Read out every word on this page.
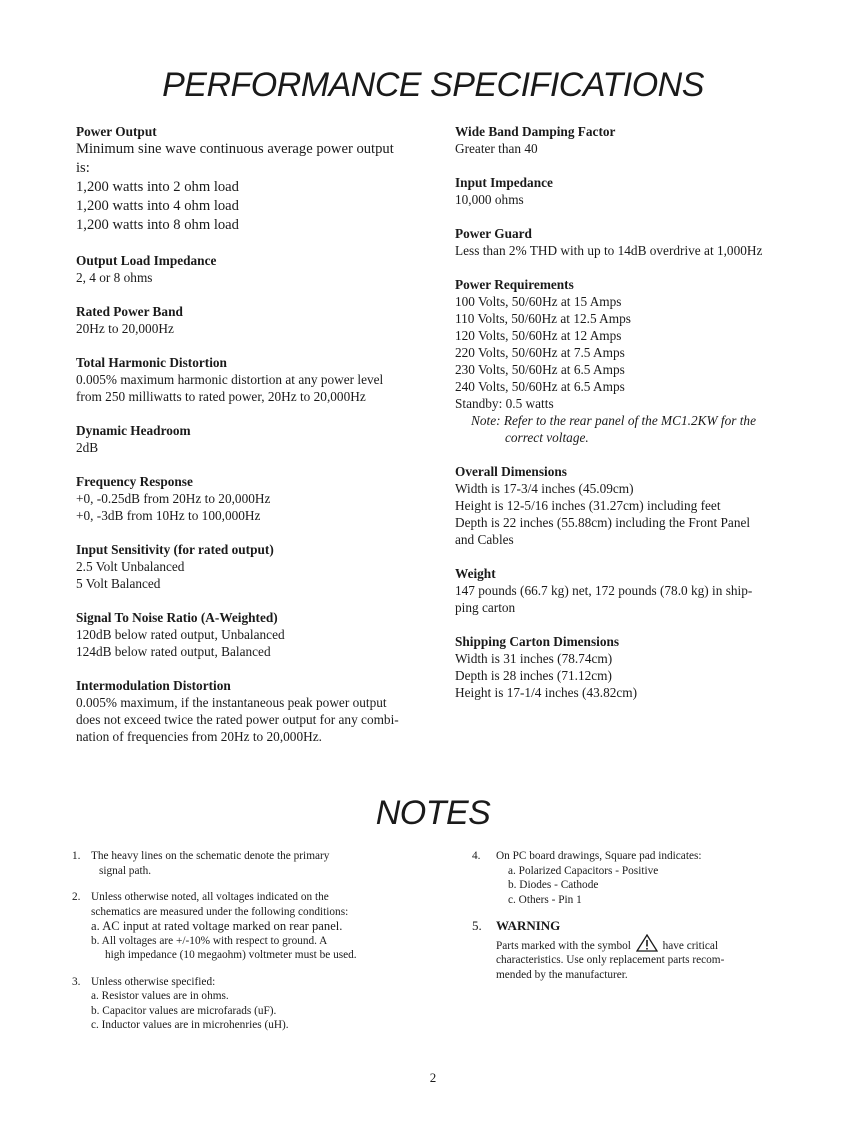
PERFORMANCE SPECIFICATIONS
Power Output
Minimum sine wave continuous average power output
is:
1,200 watts into 2 ohm load
1,200 watts into 4 ohm load
1,200 watts into 8 ohm load
Output Load Impedance
2, 4 or 8 ohms
Rated Power Band
20Hz to 20,000Hz
Total Harmonic Distortion
0.005% maximum harmonic distortion at any power level
from 250 milliwatts to rated power, 20Hz to 20,000Hz
Dynamic Headroom
2dB
Frequency Response
+0, -0.25dB from 20Hz to 20,000Hz
+0, -3dB from 10Hz to 100,000Hz
Input Sensitivity (for rated output)
2.5 Volt Unbalanced
5 Volt Balanced
Signal To Noise Ratio (A-Weighted)
120dB below rated output, Unbalanced
124dB below rated output, Balanced
Intermodulation Distortion
0.005% maximum, if the instantaneous peak power output
does not exceed twice the rated power output for any combi-
nation of frequencies from 20Hz to 20,000Hz.
Wide Band Damping Factor
Greater than 40
Input Impedance
10,000 ohms
Power Guard
Less than 2% THD with up to 14dB overdrive at 1,000Hz
Power Requirements
100 Volts, 50/60Hz at 15 Amps
110 Volts, 50/60Hz at 12.5 Amps
120 Volts, 50/60Hz at 12 Amps
220 Volts, 50/60Hz at 7.5 Amps
230 Volts, 50/60Hz at 6.5 Amps
240 Volts, 50/60Hz at 6.5 Amps
Standby: 0.5 watts
Note: Refer to the rear panel of the MC1.2KW for the
correct voltage.
Overall Dimensions
Width is 17-3/4 inches (45.09cm)
Height is 12-5/16 inches (31.27cm) including feet
Depth is 22 inches (55.88cm) including the Front Panel
and Cables
Weight
147 pounds (66.7 kg) net, 172 pounds (78.0 kg) in ship-
ping carton
Shipping Carton Dimensions
Width is 31 inches (78.74cm)
Depth is 28 inches (71.12cm)
Height is 17-1/4 inches (43.82cm)
NOTES
1. The heavy lines on the schematic denote the primary
signal path.
2. Unless otherwise noted, all voltages indicated on the
schematics are measured under the following conditions:
a. AC input at rated voltage marked on rear panel.
b. All voltages are +/-10% with respect to ground. A
high impedance (10 megaohm) voltmeter must be used.
3. Unless otherwise specified:
a. Resistor values are in ohms.
b. Capacitor values are microfarads (uF).
c. Inductor values are in microhenries (uH).
4. On PC board drawings, Square pad indicates:
a. Polarized Capacitors - Positive
b. Diodes - Cathode
c. Others - Pin 1
5. WARNING
Parts marked with the symbol	have critical
characteristics. Use only replacement parts recom-
mended by the manufacturer.
2
